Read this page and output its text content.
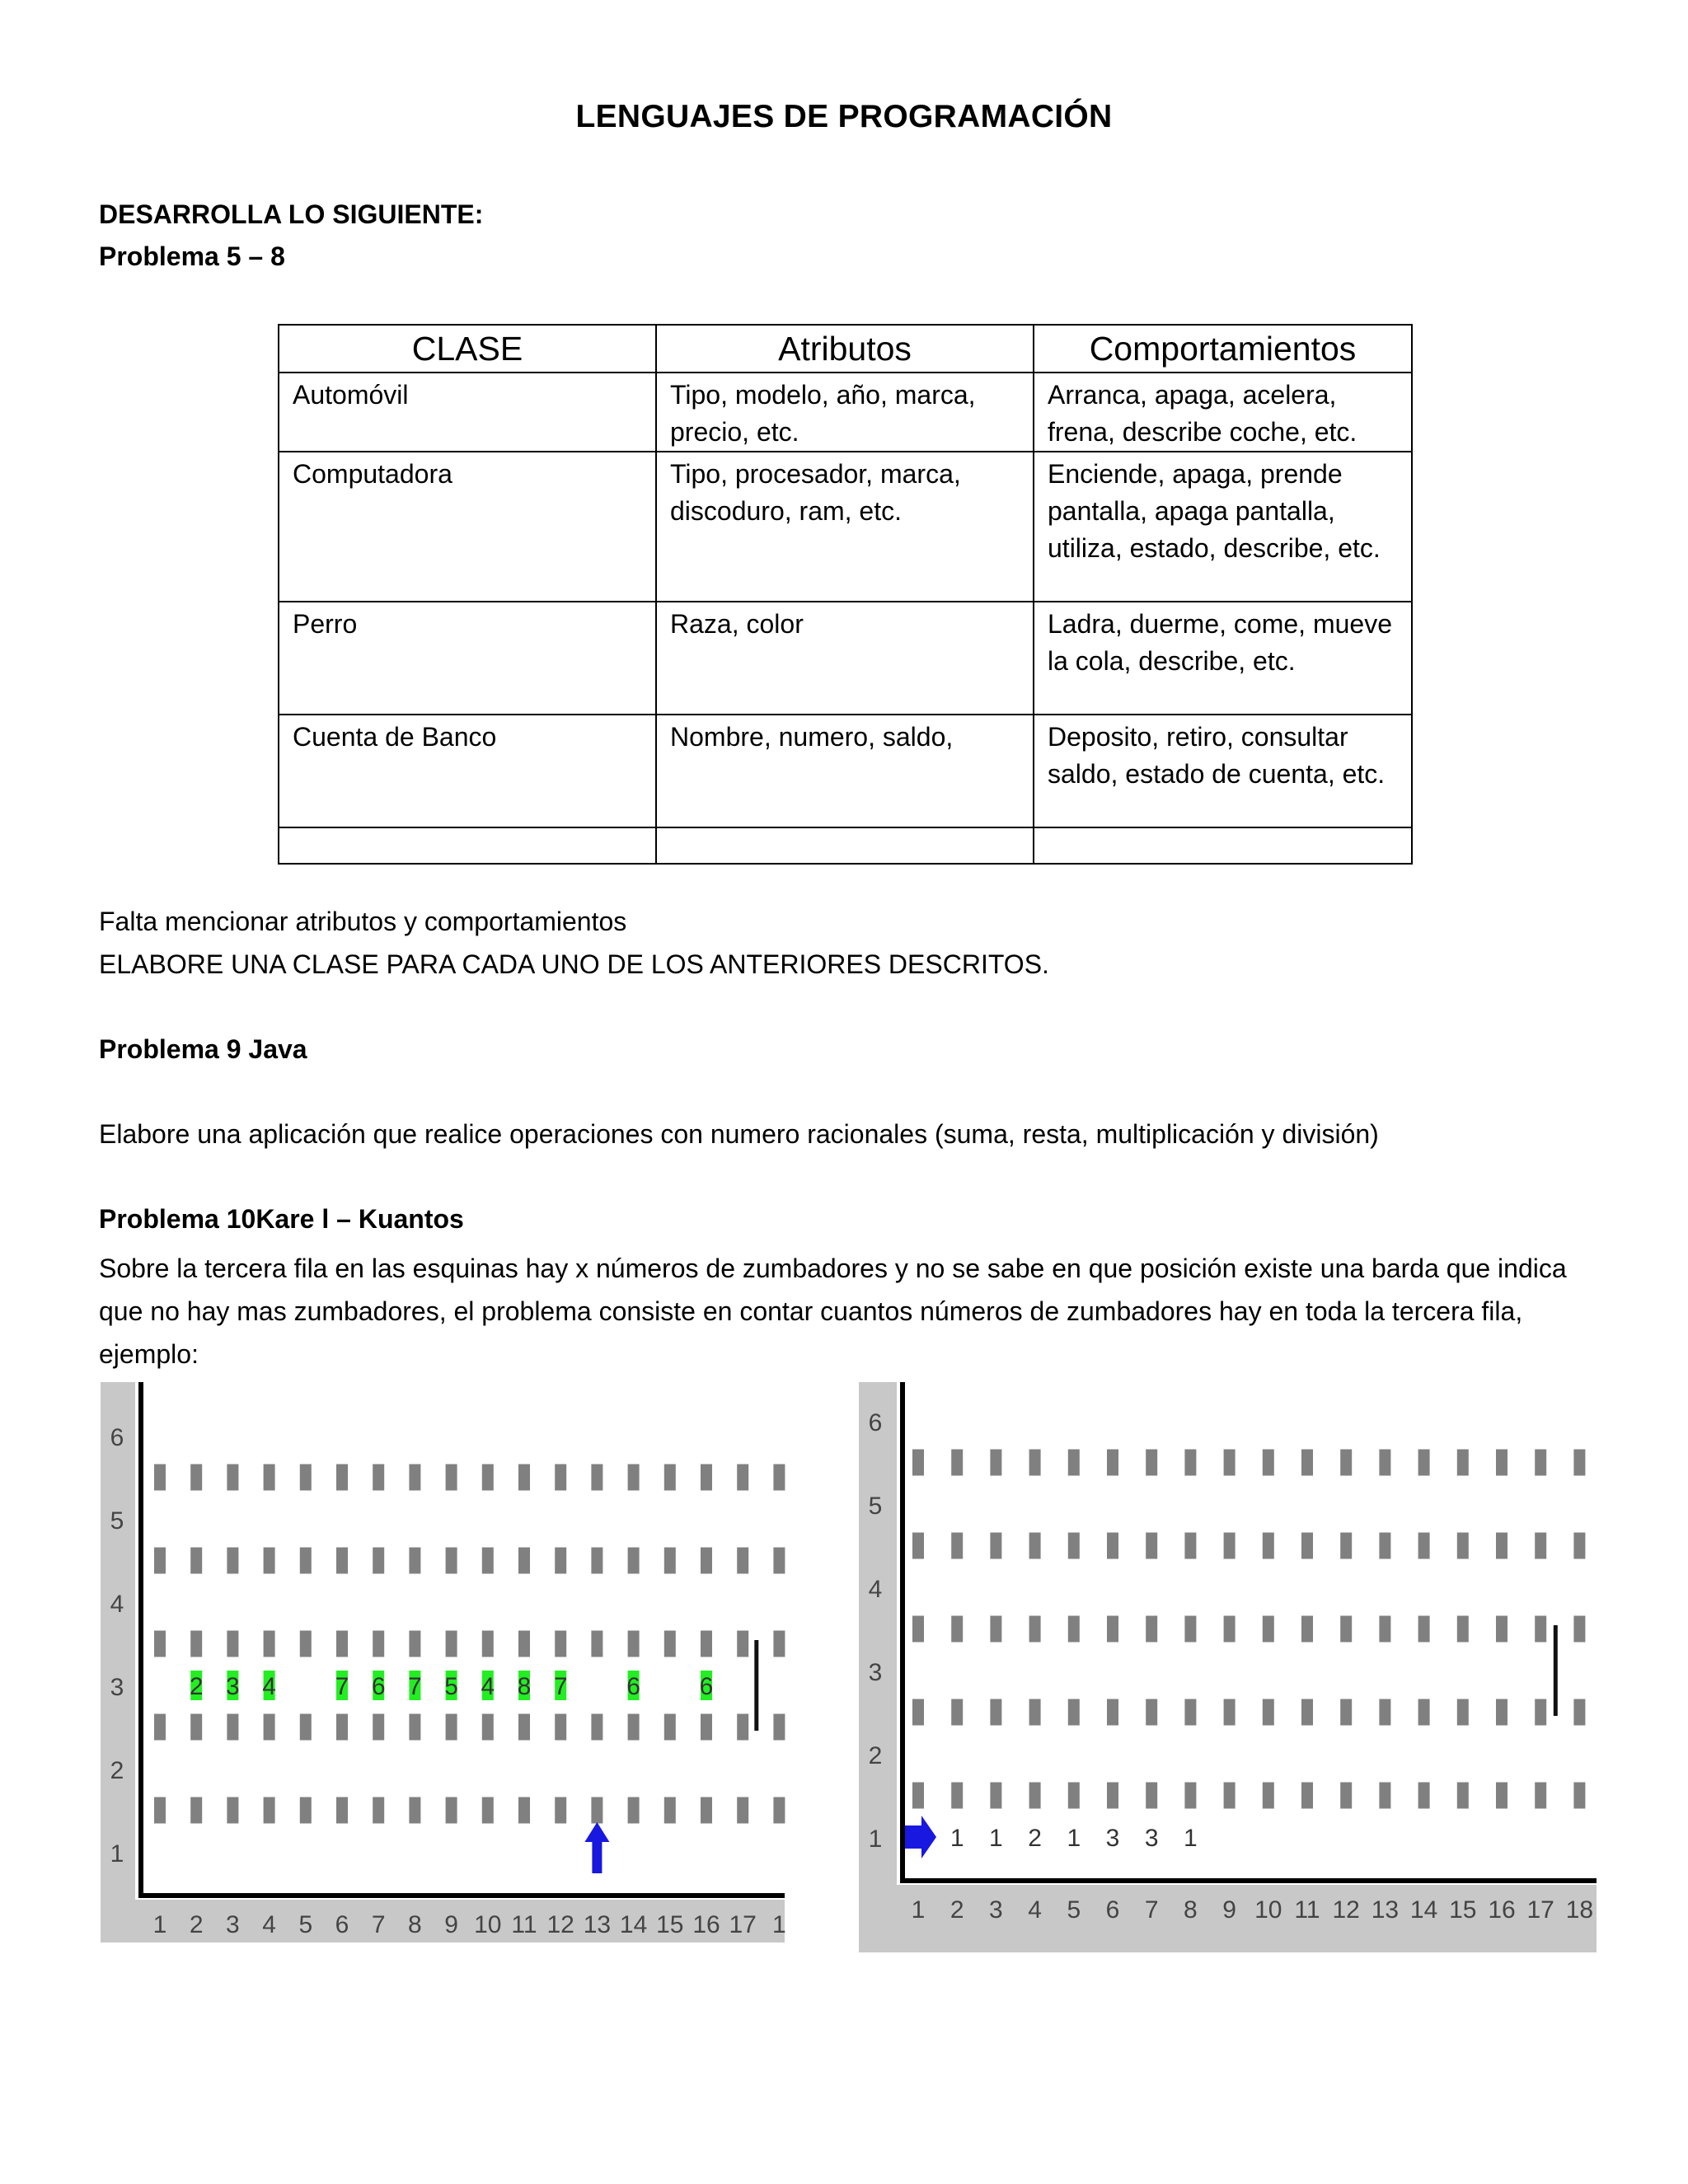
LENGUAJES DE PROGRAMACIÓN
DESARROLLA LO SIGUIENTE:
Problema 5 – 8
CLASE	Atributos	Comportamientos
Automóvil	Tipo, modelo, año, marca, precio, etc.	Arranca, apaga, acelera, frena, describe coche, etc.
Computadora	Tipo, procesador, marca, discoduro, ram, etc.	Enciende, apaga, prende pantalla, apaga pantalla, utiliza, estado, describe, etc.
Perro	Raza, color	Ladra, duerme, come, mueve la cola, describe, etc.
Cuenta de Banco	Nombre, numero, saldo,	Deposito, retiro, consultar saldo, estado de cuenta, etc.

Falta mencionar atributos y comportamientos
ELABORE UNA CLASE PARA CADA UNO DE LOS ANTERIORES DESCRITOS.
Problema 9 Java
Elabore una aplicación que realice operaciones con numero racionales (suma, resta, multiplicación y división)
Problema 10Kare l – Kuantos
Sobre la tercera fila en las esquinas hay x números de zumbadores y no se sabe en que posición existe una barda que indica que no hay mas zumbadores, el problema consiste en contar cuantos números de zumbadores hay en toda la tercera fila, ejemplo:
1
2
3
4
5
6
1 2 3 4 5 6 7 8 9 10 11 12 13 14 15 16 17 1
2 3 4 7 6 7 5 4 8 7 6 6
1
2
3
4
5
6
1 2 3 4 5 6 7 8 9 10 11 12 13 14 15 16 17 18
1 1 2 1 3 3 1
